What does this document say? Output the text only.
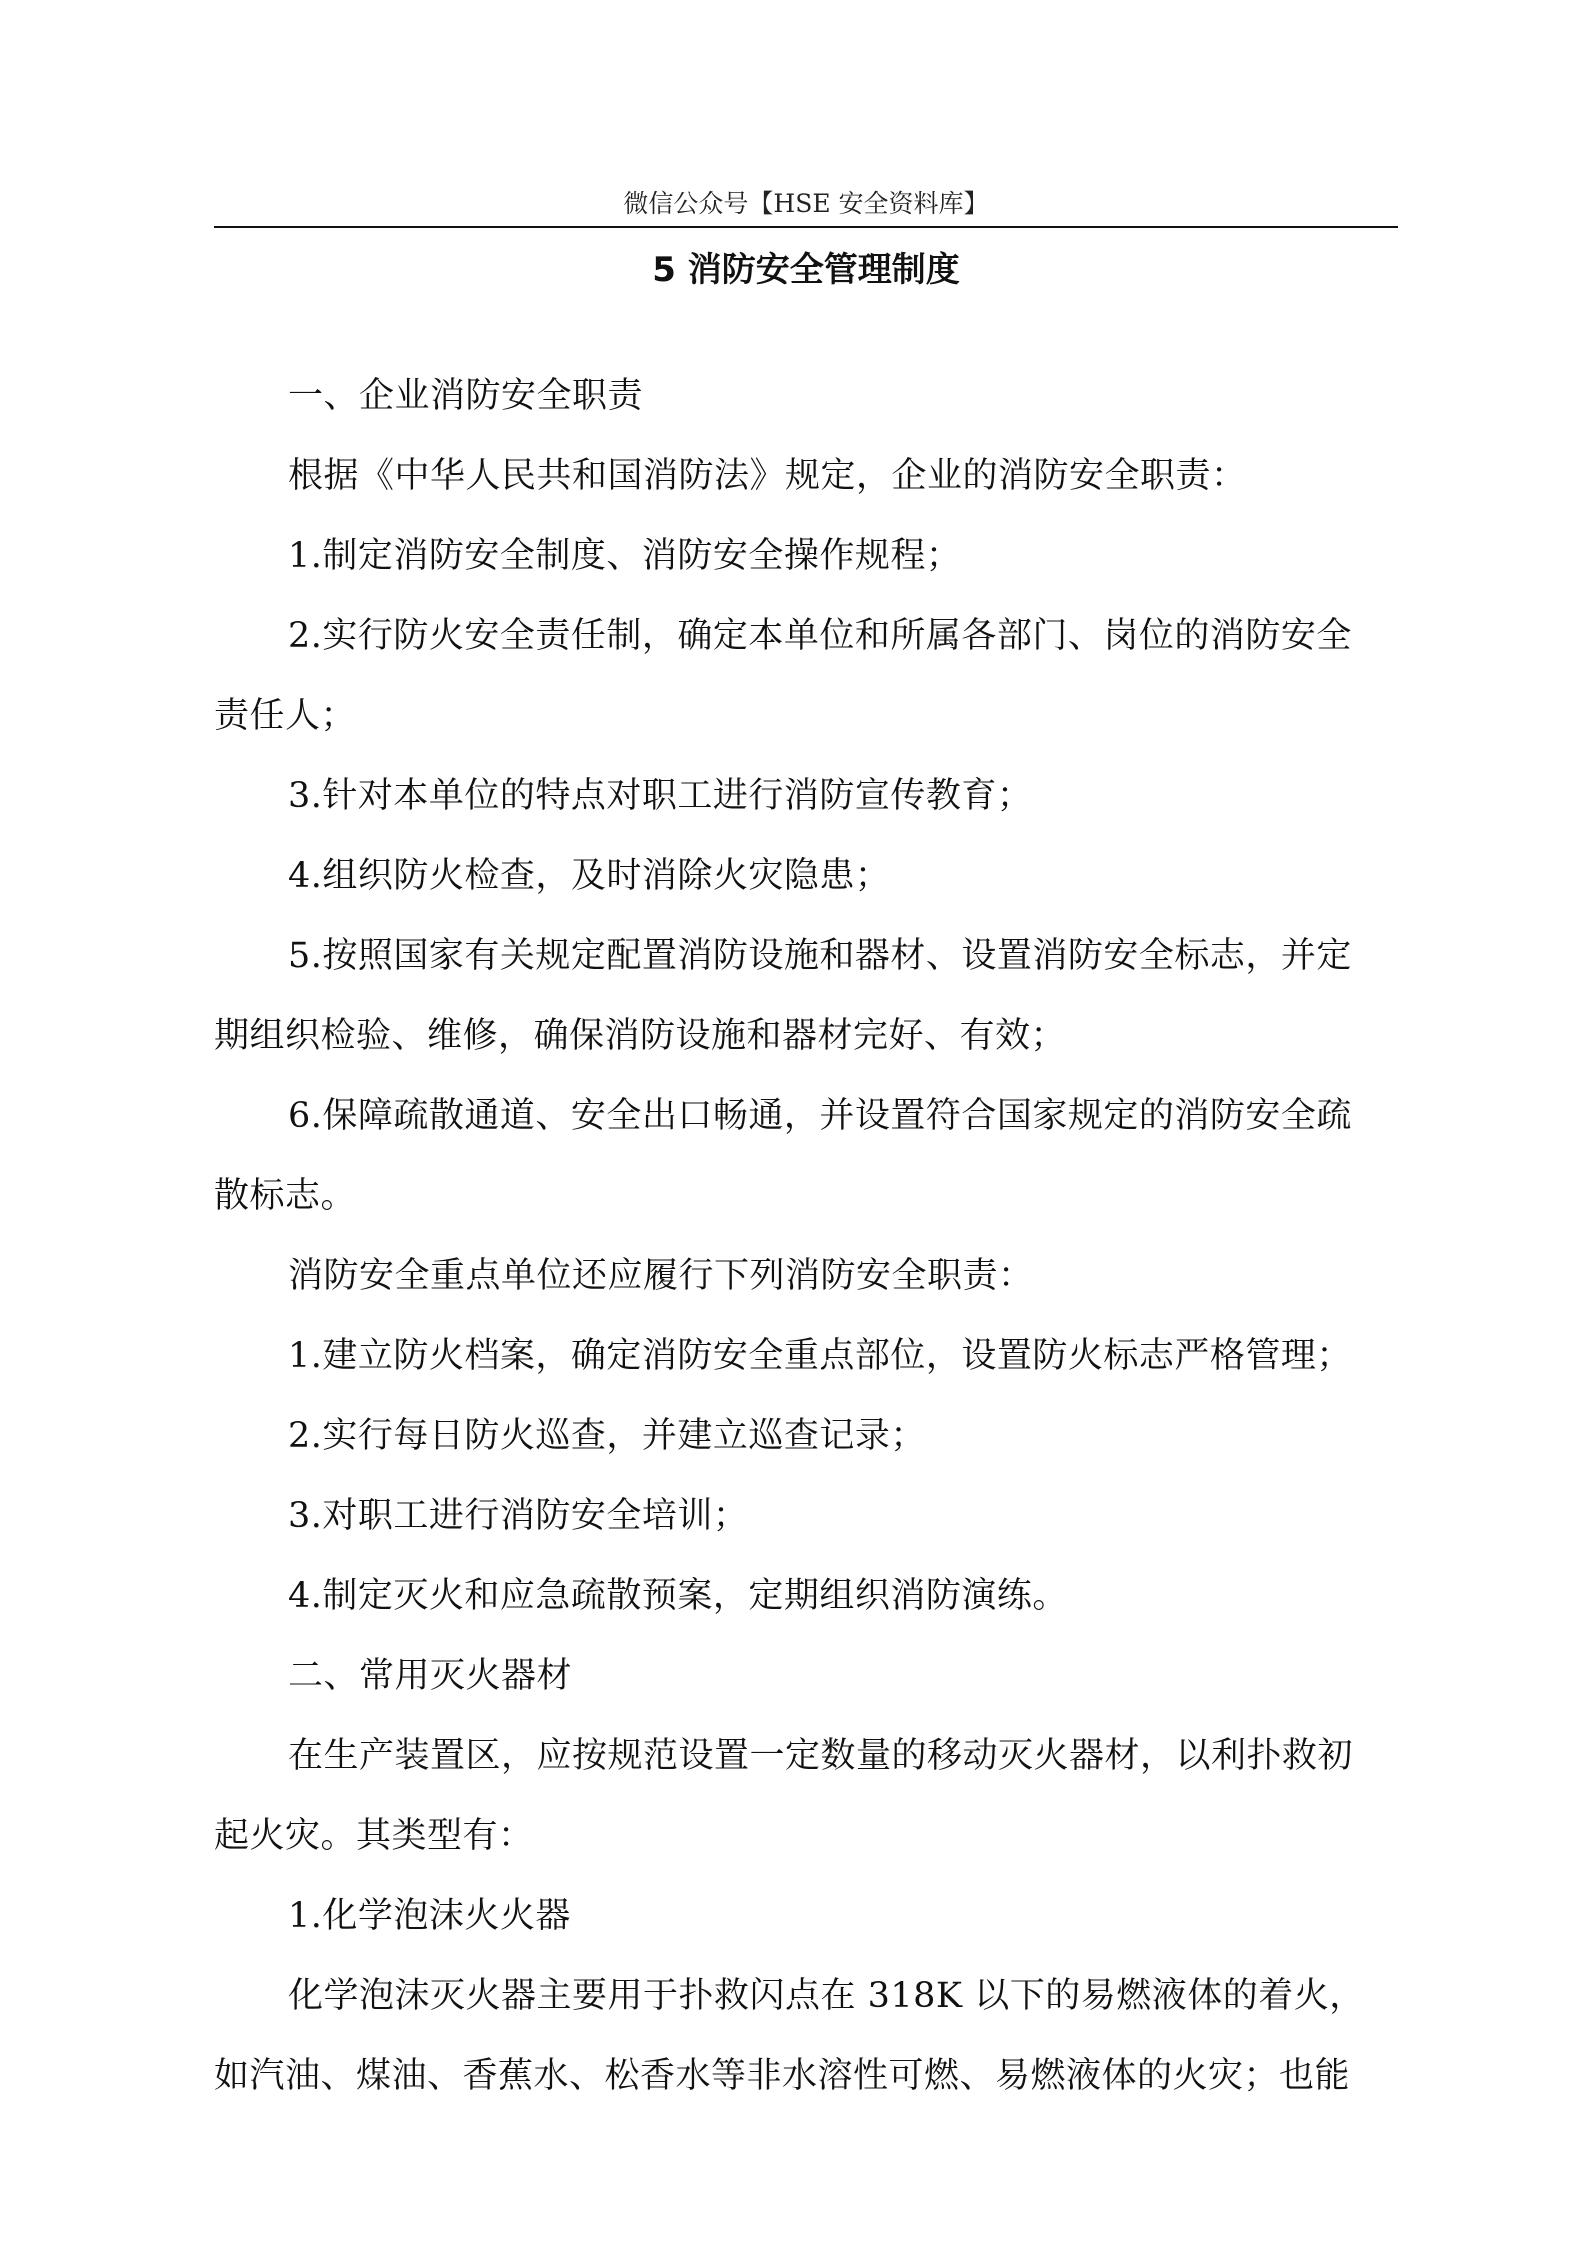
微信公众号【HSE 安全资料库】
5 消防安全管理制度

一、企业消防安全职责

根据《中华人民共和国消防法》规定，企业的消防安全职责：

1.制定消防安全制度、消防安全操作规程；

2.实行防火安全责任制，确定本单位和所属各部门、岗位的消防安全

责任人；

3.针对本单位的特点对职工进行消防宣传教育；

4.组织防火检查，及时消除火灾隐患；

5.按照国家有关规定配置消防设施和器材、设置消防安全标志，并定

期组织检验、维修，确保消防设施和器材完好、有效；

6.保障疏散通道、安全出口畅通，并设置符合国家规定的消防安全疏

散标志。

消防安全重点单位还应履行下列消防安全职责：

1.建立防火档案，确定消防安全重点部位，设置防火标志严格管理；

2.实行每日防火巡查，并建立巡查记录；

3.对职工进行消防安全培训；

4.制定灭火和应急疏散预案，定期组织消防演练。

二、常用灭火器材

在生产装置区，应按规范设置一定数量的移动灭火器材，以利扑救初

起火灾。其类型有：

1.化学泡沫火火器

化学泡沫灭火器主要用于扑救闪点在 318K 以下的易燃液体的着火，

如汽油、煤油、香蕉水、松香水等非水溶性可燃、易燃液体的火灾；也能
